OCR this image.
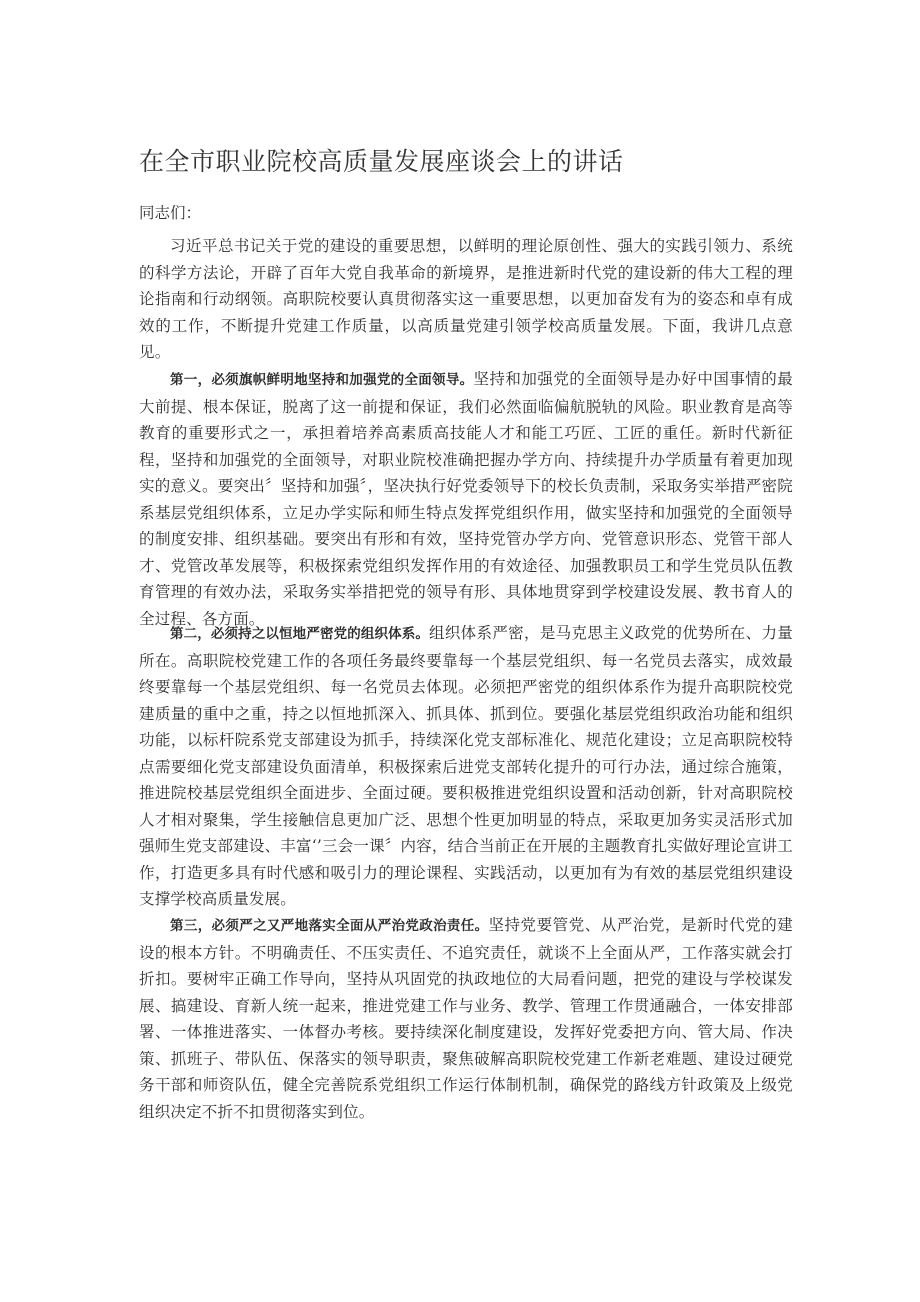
在全市职业院校高质量发展座谈会上的讲话

同志们：

习近平总书记关于党的建设的重要思想，以鲜明的理论原创性、强大的实践引领力、系统的科学方法论，开辟了百年大党自我革命的新境界，是推进新时代党的建设新的伟大工程的理论指南和行动纲领。高职院校要认真贯彻落实这一重要思想，以更加奋发有为的姿态和卓有成效的工作，不断提升党建工作质量，以高质量党建引领学校高质量发展。下面，我讲几点意见。

第一，必须旗帜鲜明地坚持和加强党的全面领导。坚持和加强党的全面领导是办好中国事情的最大前提、根本保证，脱离了这一前提和保证，我们必然面临偏航脱轨的风险。职业教育是高等教育的重要形式之一，承担着培养高素质高技能人才和能工巧匠、工匠的重任。新时代新征程，坚持和加强党的全面领导，对职业院校准确把握办学方向、持续提升办学质量有着更加现实的意义。要突出〞坚持和加强〞，坚决执行好党委领导下的校长负责制，采取务实举措严密院系基层党组织体系，立足办学实际和师生特点发挥党组织作用，做实坚持和加强党的全面领导的制度安排、组织基础。要突出有形和有效，坚持党管办学方向、党管意识形态、党管干部人才、党管改革发展等，积极探索党组织发挥作用的有效途径、加强教职员工和学生党员队伍教育管理的有效办法，采取务实举措把党的领导有形、具体地贯穿到学校建设发展、教书育人的全过程、各方面。

第二，必须持之以恒地严密党的组织体系。组织体系严密，是马克思主义政党的优势所在、力量所在。高职院校党建工作的各项任务最终要靠每一个基层党组织、每一名党员去落实，成效最终要靠每一个基层党组织、每一名党员去体现。必须把严密党的组织体系作为提升高职院校党建质量的重中之重，持之以恒地抓深入、抓具体、抓到位。要强化基层党组织政治功能和组织功能，以标杆院系党支部建设为抓手，持续深化党支部标准化、规范化建设；立足高职院校特点需要细化党支部建设负面清单，积极探索后进党支部转化提升的可行办法，通过综合施策，推进院校基层党组织全面进步、全面过硬。要积极推进党组织设置和活动创新，针对高职院校人才相对聚集，学生接触信息更加广泛、思想个性更加明显的特点，采取更加务实灵活形式加强师生党支部建设、丰富‘’三会一课〞内容，结合当前正在开展的主题教育扎实做好理论宣讲工作，打造更多具有时代感和吸引力的理论课程、实践活动，以更加有为有效的基层党组织建设支撑学校高质量发展。

第三，必须严之又严地落实全面从严治党政治责任。坚持党要管党、从严治党，是新时代党的建设的根本方针。不明确责任、不压实责任、不追究责任，就谈不上全面从严，工作落实就会打折扣。要树牢正确工作导向，坚持从巩固党的执政地位的大局看问题，把党的建设与学校谋发展、搞建设、育新人统一起来，推进党建工作与业务、教学、管理工作贯通融合，一体安排部署、一体推进落实、一体督办考核。要持续深化制度建设，发挥好党委把方向、管大局、作决策、抓班子、带队伍、保落实的领导职责，聚焦破解高职院校党建工作新老难题、建设过硬党务干部和师资队伍，健全完善院系党组织工作运行体制机制，确保党的路线方针政策及上级党组织决定不折不扣贯彻落实到位。
